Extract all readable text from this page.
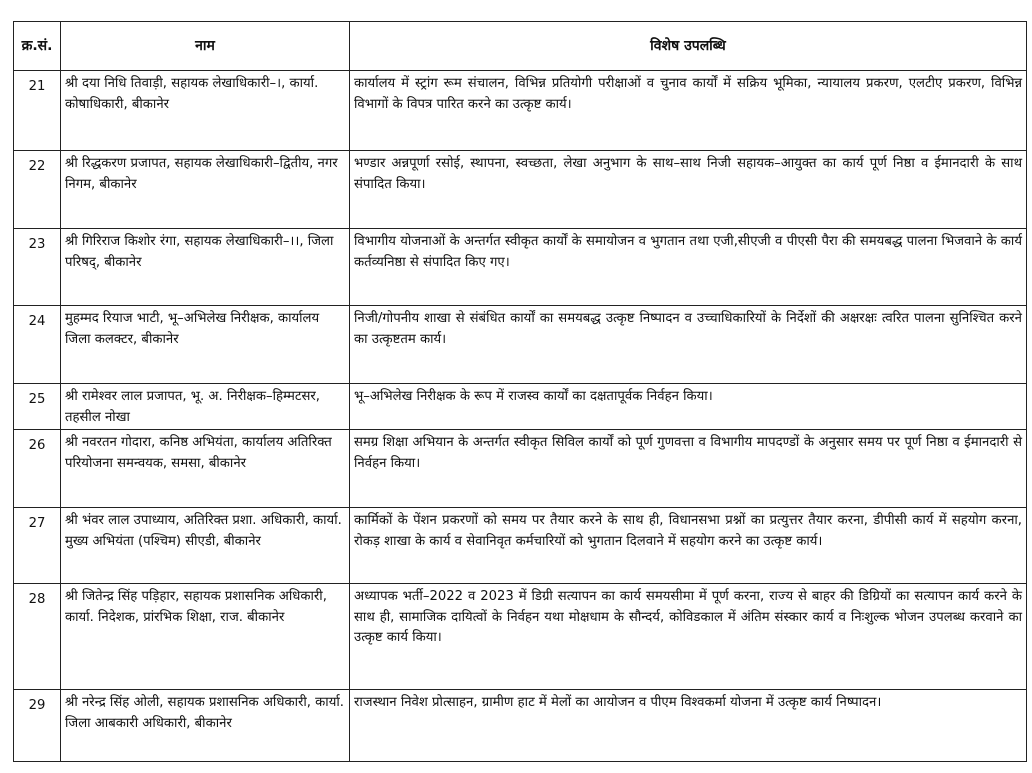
क्र.सं.	नाम	विशेष उपलब्धि
21	श्री दया निधि तिवाड़ी, सहायक लेखाधिकारी–।, कार्या. कोषाधिकारी, बीकानेर	कार्यालय में स्ट्रांग रूम संचालन, विभिन्न प्रतियोगी परीक्षाओं व चुनाव कार्यों में सक्रिय भूमिका, न्यायालय प्रकरण, एलटीए प्रकरण, विभिन्न विभागों के विपत्र पारित करने का उत्कृष्ट कार्य।
22	श्री रिद्धकरण प्रजापत, सहायक लेखाधिकारी–द्वितीय, नगर निगम, बीकानेर	भण्डार अन्नपूर्णा रसोई, स्थापना, स्वच्छता, लेखा अनुभाग के साथ–साथ निजी सहायक–आयुक्त का कार्य पूर्ण निष्ठा व ईमानदारी के साथ संपादित किया।
23	श्री गिरिराज किशोर रंगा, सहायक लेखाधिकारी–।।, जिला परिषद्, बीकानेर	विभागीय योजनाओं के अन्तर्गत स्वीकृत कार्यों के समायोजन व भुगतान तथा एजी,सीएजी व पीएसी पैरा की समयबद्ध पालना भिजवाने के कार्य कर्तव्यनिष्ठा से संपादित किए गए।
24	मुहम्मद रियाज भाटी, भू–अभिलेख निरीक्षक, कार्यालय जिला कलक्टर, बीकानेर	निजी/गोपनीय शाखा से संबंधित कार्यों का समयबद्ध उत्कृष्ट निष्पादन व उच्चाधिकारियों के निर्देशों की अक्षरक्षः त्वरित पालना सुनिश्चित करने का उत्कृष्टतम कार्य।
25	श्री रामेश्वर लाल प्रजापत, भू. अ. निरीक्षक–हिम्मटसर, तहसील नोखा	भू–अभिलेख निरीक्षक के रूप में राजस्व कार्यों का दक्षतापूर्वक निर्वहन किया।
26	श्री नवरतन गोदारा, कनिष्ठ अभियंता, कार्यालय अतिरिक्त परियोजना समन्वयक, समसा, बीकानेर	समग्र शिक्षा अभियान के अन्तर्गत स्वीकृत सिविल कार्यों को पूर्ण गुणवत्ता व विभागीय मापदण्डों के अनुसार समय पर पूर्ण निष्ठा व ईमानदारी से निर्वहन किया।
27	श्री भंवर लाल उपाध्याय, अतिरिक्त प्रशा. अधिकारी, कार्या. मुख्य अभियंता (पश्चिम) सीएडी, बीकानेर	कार्मिकों के पेंशन प्रकरणों को समय पर तैयार करने के साथ ही, विधानसभा प्रश्नों का प्रत्युत्तर तैयार करना, डीपीसी कार्य में सहयोग करना, रोकड़ शाखा के कार्य व सेवानिवृत कर्मचारियों को भुगतान दिलवाने में सहयोग करने का उत्कृष्ट कार्य।
28	श्री जितेन्द्र सिंह पड़िहार, सहायक प्रशासनिक अधिकारी, कार्या. निदेशक, प्रांरभिक शिक्षा, राज. बीकानेर	अध्यापक भर्ती–2022 व 2023 में डिग्री सत्यापन का कार्य समयसीमा में पूर्ण करना, राज्य से बाहर की डिग्रियों का सत्यापन कार्य करने के साथ ही, सामाजिक दायित्वों के निर्वहन यथा मोक्षधाम के सौन्दर्य, कोविडकाल में अंतिम संस्कार कार्य व निःशुल्क भोजन उपलब्ध करवाने का उत्कृष्ट कार्य किया।
29	श्री नरेन्द्र सिंह ओली, सहायक प्रशासनिक अधिकारी, कार्या. जिला आबकारी अधिकारी, बीकानेर	राजस्थान निवेश प्रोत्साहन, ग्रामीण हाट में मेलों का आयोजन व पीएम विश्वकर्मा योजना में उत्कृष्ट कार्य निष्पादन।
